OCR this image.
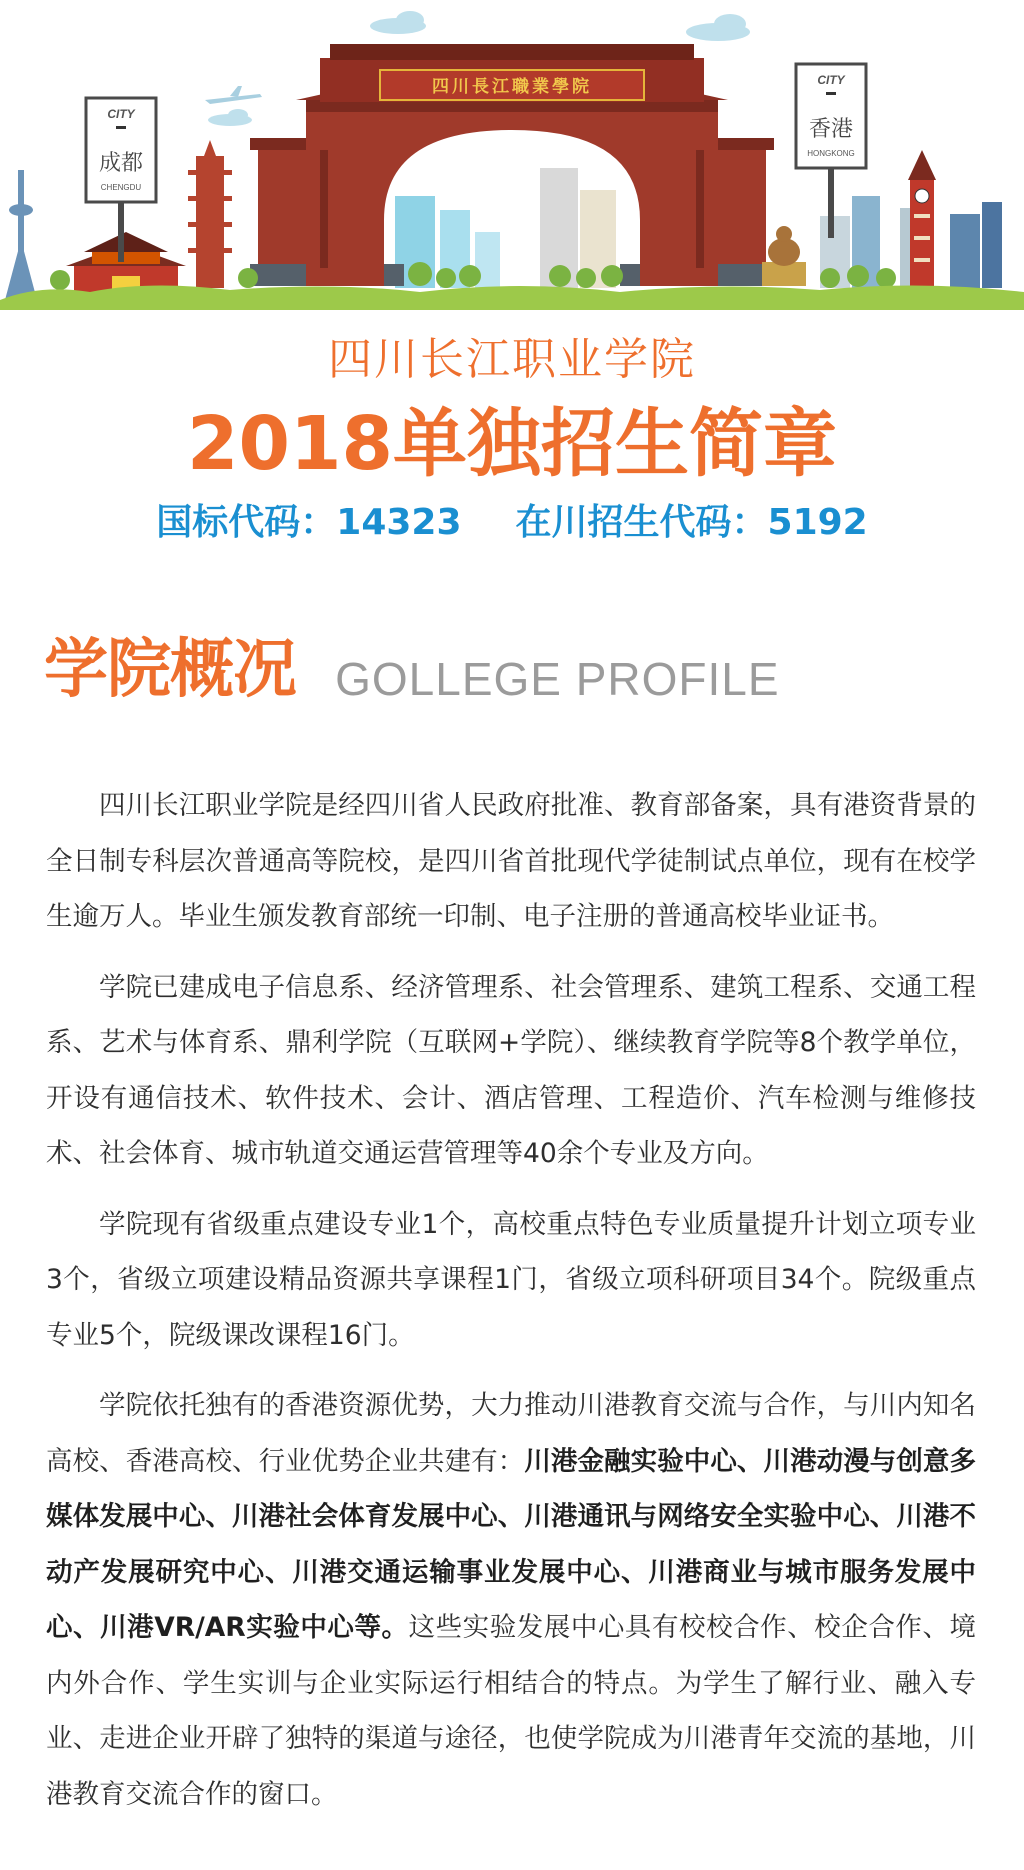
CITY
成都
CHENGDU
CITY
香港
HONGKONG
四川長江職業學院
四川长江职业学院
2018单独招生简章
国标代码：14323 在川招生代码：5192
学院概况 GOLLEGE PROFILE

四川长江职业学院是经四川省人民政府批准、教育部备案，具有港资背景的全日制专科层次普通高等院校，是四川省首批现代学徒制试点单位，现有在校学生逾万人。毕业生颁发教育部统一印制、电子注册的普通高校毕业证书。

学院已建成电子信息系、经济管理系、社会管理系、建筑工程系、交通工程系、艺术与体育系、鼎利学院（互联网+学院）、继续教育学院等8个教学单位，开设有通信技术、软件技术、会计、酒店管理、工程造价、汽车检测与维修技术、社会体育、城市轨道交通运营管理等40余个专业及方向。

学院现有省级重点建设专业1个，高校重点特色专业质量提升计划立项专业3个，省级立项建设精品资源共享课程1门，省级立项科研项目34个。院级重点专业5个，院级课改课程16门。

学院依托独有的香港资源优势，大力推动川港教育交流与合作，与川内知名高校、香港高校、行业优势企业共建有：川港金融实验中心、川港动漫与创意多媒体发展中心、川港社会体育发展中心、川港通讯与网络安全实验中心、川港不动产发展研究中心、川港交通运输事业发展中心、川港商业与城市服务发展中心、川港VR/AR实验中心等。这些实验发展中心具有校校合作、校企合作、境内外合作、学生实训与企业实际运行相结合的特点。为学生了解行业、融入专业、走进企业开辟了独特的渠道与途径，也使学院成为川港青年交流的基地，川港教育交流合作的窗口。
